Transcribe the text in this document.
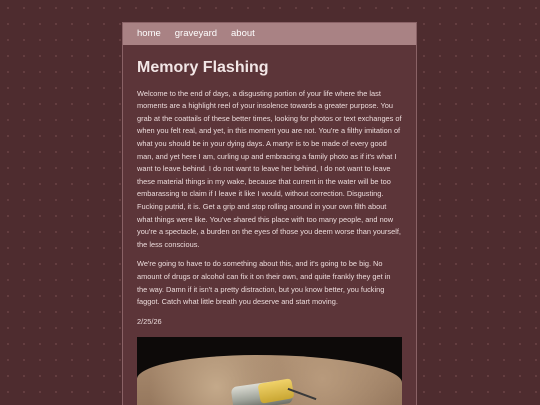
home graveyard about
Memory Flashing

Welcome to the end of days, a disgusting portion of your life where the last moments are a highlight reel of your insolence towards a greater purpose. You grab at the coattails of these better times, looking for photos or text exchanges of when you felt real, and yet, in this moment you are not. You're a filthy imitation of what you should be in your dying days. A martyr is to be made of every good man, and yet here I am, curling up and embracing a family photo as if it's what I want to leave behind. I do not want to leave her behind, I do not want to leave these material things in my wake, because that current in the water will be too embarassing to claim if I leave it like I would, without correction. Disgusting. Fucking putrid, it is. Get a grip and stop rolling around in your own filth about what things were like. You've shared this place with too many people, and now you're a spectacle, a burden on the eyes of those you deem worse than yourself, the less conscious.

We're going to have to do something about this, and it's going to be big. No amount of drugs or alcohol can fix it on their own, and quite frankly they get in the way. Damn if it isn't a pretty distraction, but you know better, you fucking faggot. Catch what little breath you deserve and start moving.

2/25/26
